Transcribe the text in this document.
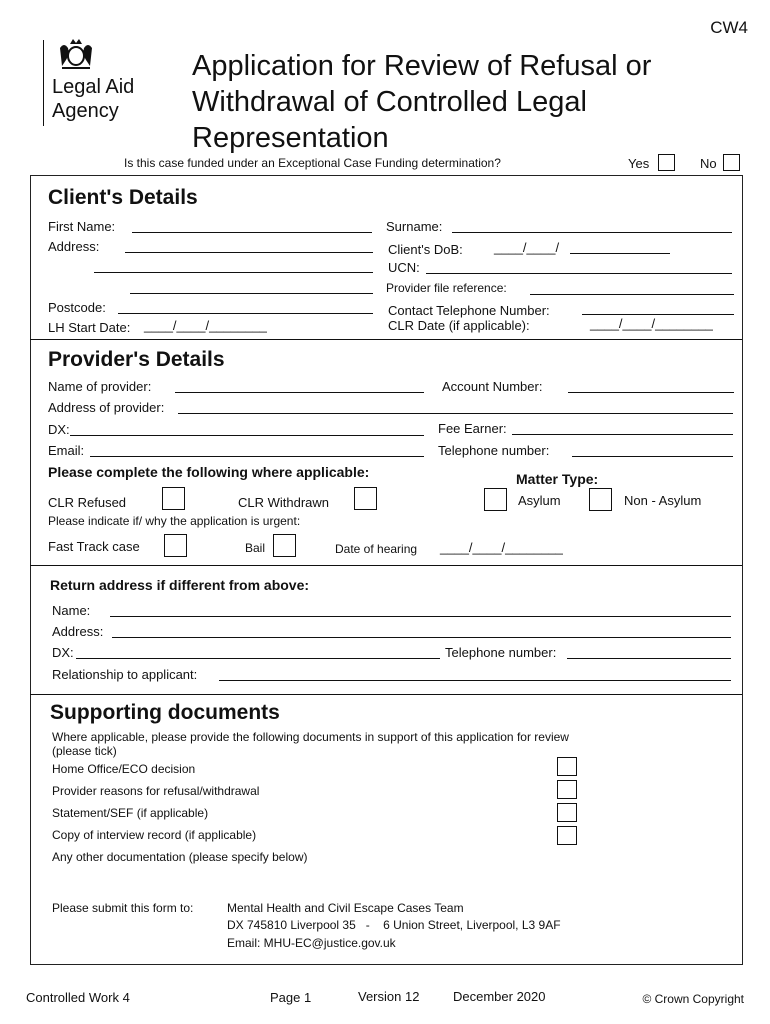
CW4
Legal Aid
Agency
Application for Review of Refusal or
Withdrawal of Controlled Legal
Representation
Is this case funded under an Exceptional Case Funding determination?	Yes	No
Client's Details
First Name:	Surname:
Address:	Client's DoB: ____/____/
UCN:
Provider file reference:
Postcode:	Contact Telephone Number:
LH Start Date: ____/____/________	CLR Date (if applicable):	____/____/________
Provider's Details
Name of provider:	Account Number:
Address of provider:
DX:	Fee Earner:
Email:	Telephone number:
Please complete the following where applicable:	Matter Type:
CLR Refused	CLR Withdrawn	Asylum	Non - Asylum
Please indicate if/ why the application is urgent:
Fast Track case	Bail	Date of hearing ____/____/________
Return address if different from above:
Name:
Address:
DX:	Telephone number:
Relationship to applicant:
Supporting documents
Where applicable, please provide the following documents in support of this application for review
(please tick)
Home Office/ECO decision
Provider reasons for refusal/withdrawal
Statement/SEF (if applicable)
Copy of interview record (if applicable)
Any other documentation (please specify below)
Please submit this form to:	Mental Health and Civil Escape Cases Team
DX 745810 Liverpool 35   -    6 Union Street, Liverpool, L3 9AF
Email: MHU-EC@justice.gov.uk
Controlled Work 4	Page 1	Version 12	December 2020	© Crown Copyright
